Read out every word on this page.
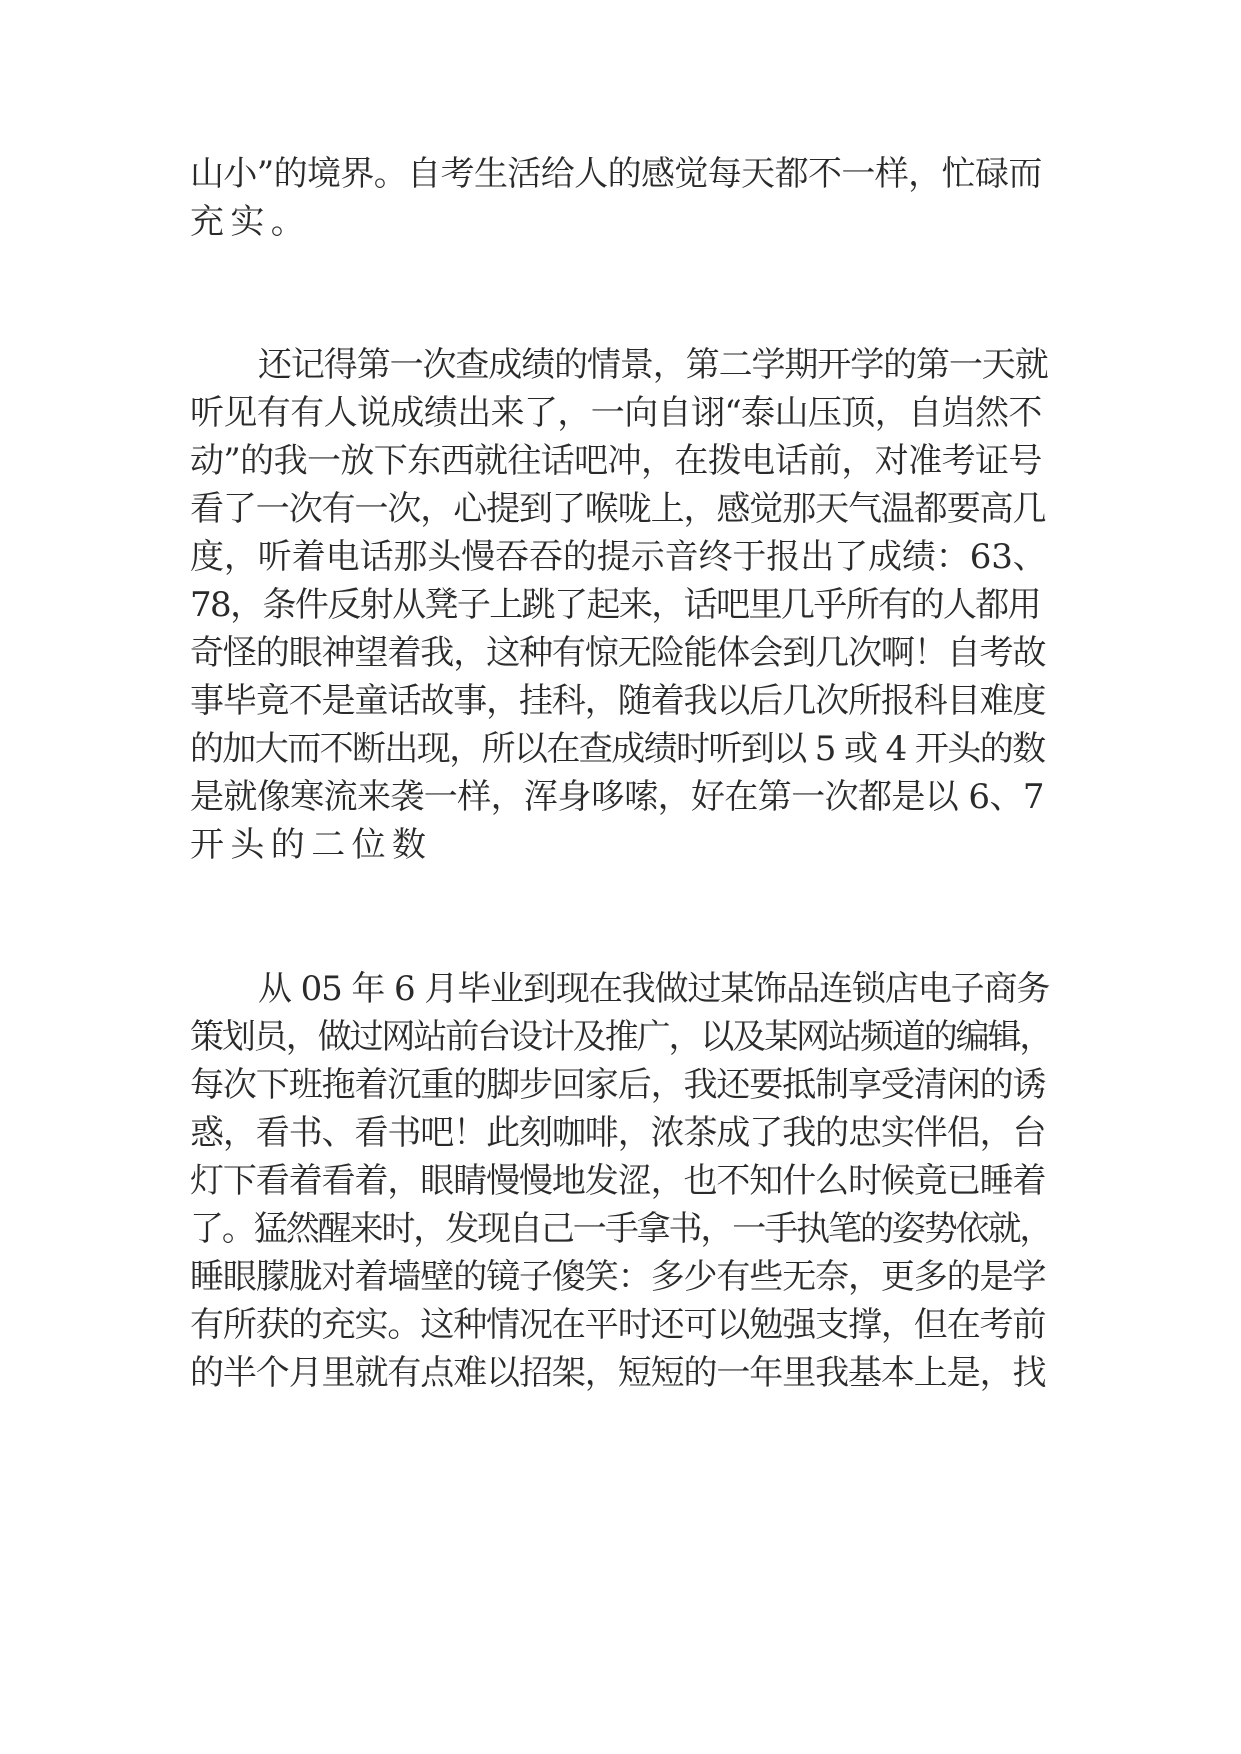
山小”的境界。自考生活给人的感觉每天都不一样，忙碌而
充实。
还记得第一次查成绩的情景，第二学期开学的第一天就
听见有有人说成绩出来了，一向自诩“泰山压顶，自岿然不
动”的我一放下东西就往话吧冲，在拨电话前，对准考证号
看了一次有一次，心提到了喉咙上，感觉那天气温都要高几
度，听着电话那头慢吞吞的提示音终于报出了成绩：63、
78，条件反射从凳子上跳了起来，话吧里几乎所有的人都用
奇怪的眼神望着我，这种有惊无险能体会到几次啊！自考故
事毕竟不是童话故事，挂科，随着我以后几次所报科目难度
的加大而不断出现，所以在查成绩时听到以 5 或 4 开头的数
是就像寒流来袭一样，浑身哆嗦，好在第一次都是以 6、7
开头的二位数
从 05 年 6 月毕业到现在我做过某饰品连锁店电子商务
策划员，做过网站前台设计及推广，以及某网站频道的编辑，
每次下班拖着沉重的脚步回家后，我还要抵制享受清闲的诱
惑，看书、看书吧！此刻咖啡，浓茶成了我的忠实伴侣，台
灯下看着看着，眼睛慢慢地发涩，也不知什么时候竟已睡着
了。猛然醒来时，发现自己一手拿书，一手执笔的姿势依就，
睡眼朦胧对着墙壁的镜子傻笑：多少有些无奈，更多的是学
有所获的充实。这种情况在平时还可以勉强支撑，但在考前
的半个月里就有点难以招架，短短的一年里我基本上是，找
